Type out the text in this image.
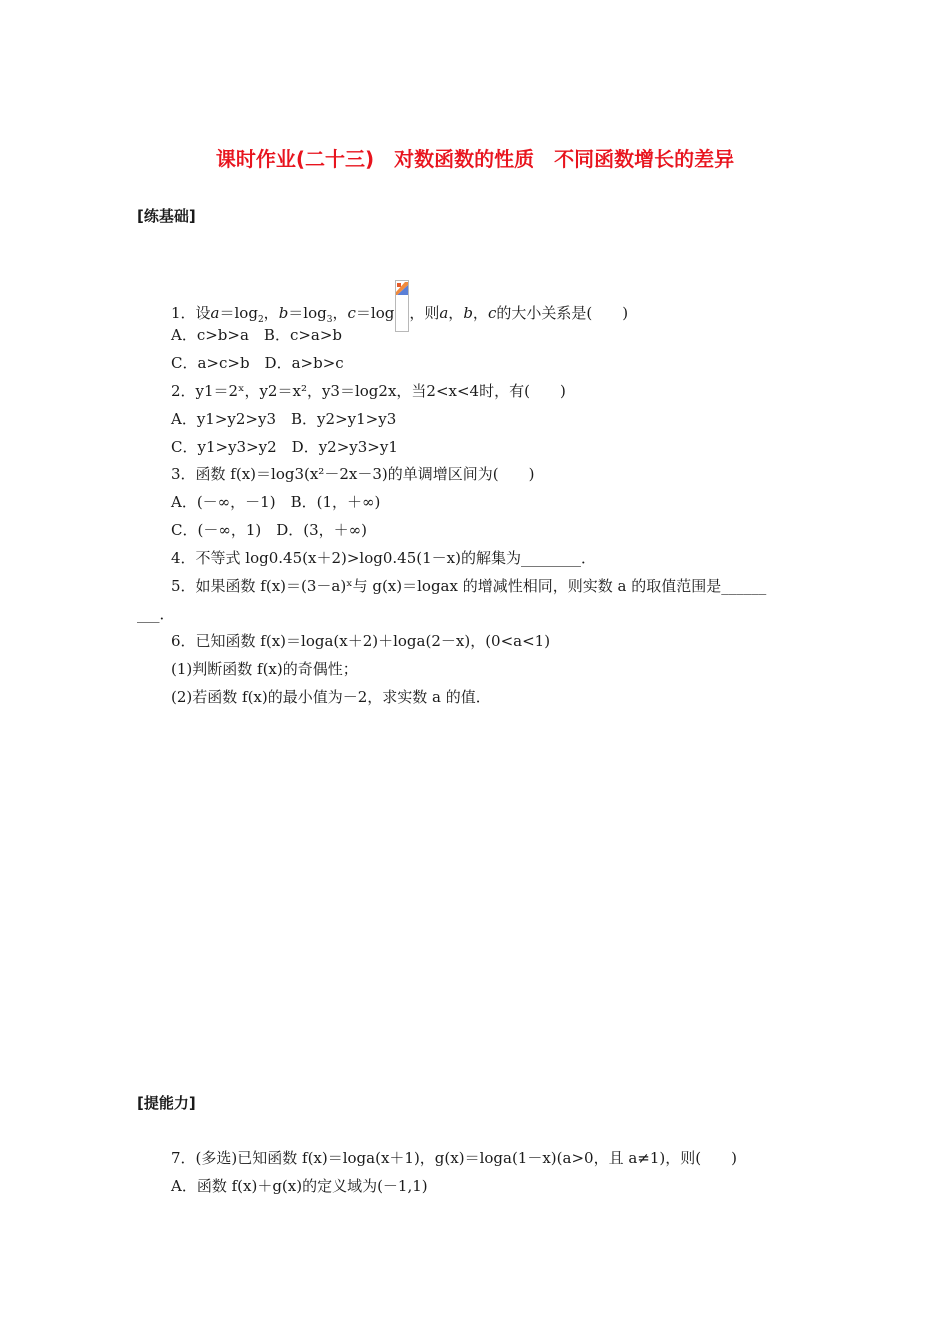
课时作业(二十三)　对数函数的性质　不同函数增长的差异
[练基础]
1．设$a=\log_2$，$b=\log_3$，c＝log ，则a，b，c的大小关系是(　　)
A．c>b>a　B．c>a>b
C．a>c>b　D．a>b>c
2．y1＝2ˣ，y2＝x²，y3＝log2x，当2<x<4时，有(　　)
A．y1>y2>y3　B．y2>y1>y3
C．y1>y3>y2　D．y2>y3>y1
3．函数 f(x)＝log3(x²－2x－3)的单调增区间为(　　)
A．(－∞，－1)　B．(1，＋∞)
C．(－∞，1)　D．(3，＋∞)
4．不等式 log0.45(x＋2)>log0.45(1－x)的解集为________．
5．如果函数 f(x)＝(3－a)ˣ与 g(x)＝logax 的增减性相同，则实数 a 的取值范围是______
___．
6．已知函数 f(x)＝loga(x＋2)＋loga(2－x)，(0<a<1)
(1)判断函数 f(x)的奇偶性；
(2)若函数 f(x)的最小值为－2，求实数 a 的值．
[提能力]
7．(多选)已知函数 f(x)＝loga(x＋1)，g(x)＝loga(1－x)(a>0，且 a≠1)，则(　　)
A．函数 f(x)＋g(x)的定义域为(－1,1)
